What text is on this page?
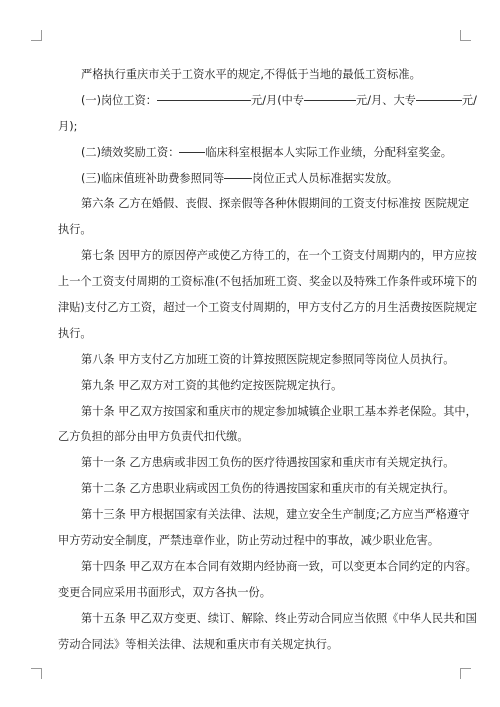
严格执行重庆市关于工资水平的规定,不得低于当地的最低工资标准。
(一)岗位工资：	元/月(中专	元/月、大专	元/
月);
(二)绩效奖励工资： 临床科室根据本人实际工作业绩，分配科室奖金。
(三)临床值班补助费参照同等	岗位正式人员标准据实发放。
第六条 乙方在婚假、丧假、探亲假等各种休假期间的工资支付标准按 医院规定
执行。
第七条 因甲方的原因停产或使乙方待工的，在一个工资支付周期内的，甲方应按
上一个工资支付周期的工资标准(不包括加班工资、奖金以及特殊工作条件或环境下的
津贴)支付乙方工资，超过一个工资支付周期的，甲方支付乙方的月生活费按医院规定
执行。
第八条 甲方支付乙方加班工资的计算按照医院规定参照同等岗位人员执行。
第九条 甲乙双方对工资的其他约定按医院规定执行。
第十条 甲乙双方按国家和重庆市的规定参加城镇企业职工基本养老保险。其中，
乙方负担的部分由甲方负责代扣代缴。
第十一条 乙方患病或非因工负伤的医疗待遇按国家和重庆市有关规定执行。
第十二条 乙方患职业病或因工负伤的待遇按国家和重庆市的有关规定执行。
第十三条 甲方根据国家有关法律、法规，建立安全生产制度;乙方应当严格遵守
甲方劳动安全制度，严禁违章作业，防止劳动过程中的事故，减少职业危害。
第十四条 甲乙双方在本合同有效期内经协商一致，可以变更本合同约定的内容。
变更合同应采用书面形式，双方各执一份。
第十五条 甲乙双方变更、续订、解除、终止劳动合同应当依照《中华人民共和国
劳动合同法》等相关法律、法规和重庆市有关规定执行。
